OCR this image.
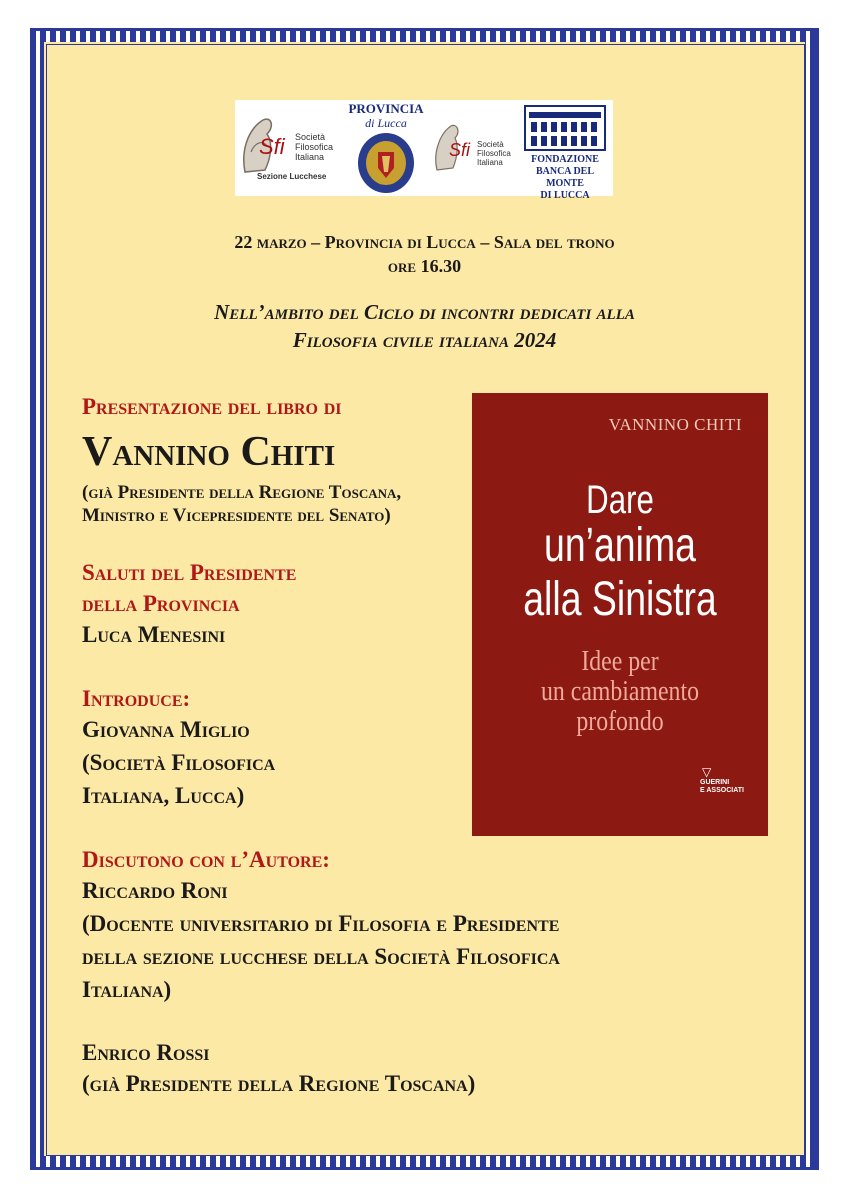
Sfi Società
Filosofica
Italiana
Sezione Lucchese
PROVINCIA
di Lucca
Sfi Società
Filosofica
Italiana	FONDAZIONE
BANCA DEL MONTE
DI LUCCA
22 marzo – Provincia di Lucca – Sala del trono
ore 16.30
Nell’ambito del Ciclo di incontri dedicati alla
Filosofia civile italiana 2024
Presentazione del libro di
Vannino Chiti
(già Presidente della Regione Toscana,
Ministro e Vicepresidente del Senato)
Saluti del Presidente
della Provincia
Luca Menesini
Introduce:
Giovanna Miglio
(Società Filosofica
Italiana, Lucca)
Discutono con l’Autore:
Riccardo Roni
(Docente universitario di Filosofia e Presidente
della sezione lucchese della Società Filosofica
Italiana)
Enrico Rossi
(già Presidente della Regione Toscana)
VANNINO CHITI
Dare
un’anima
alla Sinistra
Idee per
un cambiamento
profondo
▽
GUERINI
E ASSOCIATI
